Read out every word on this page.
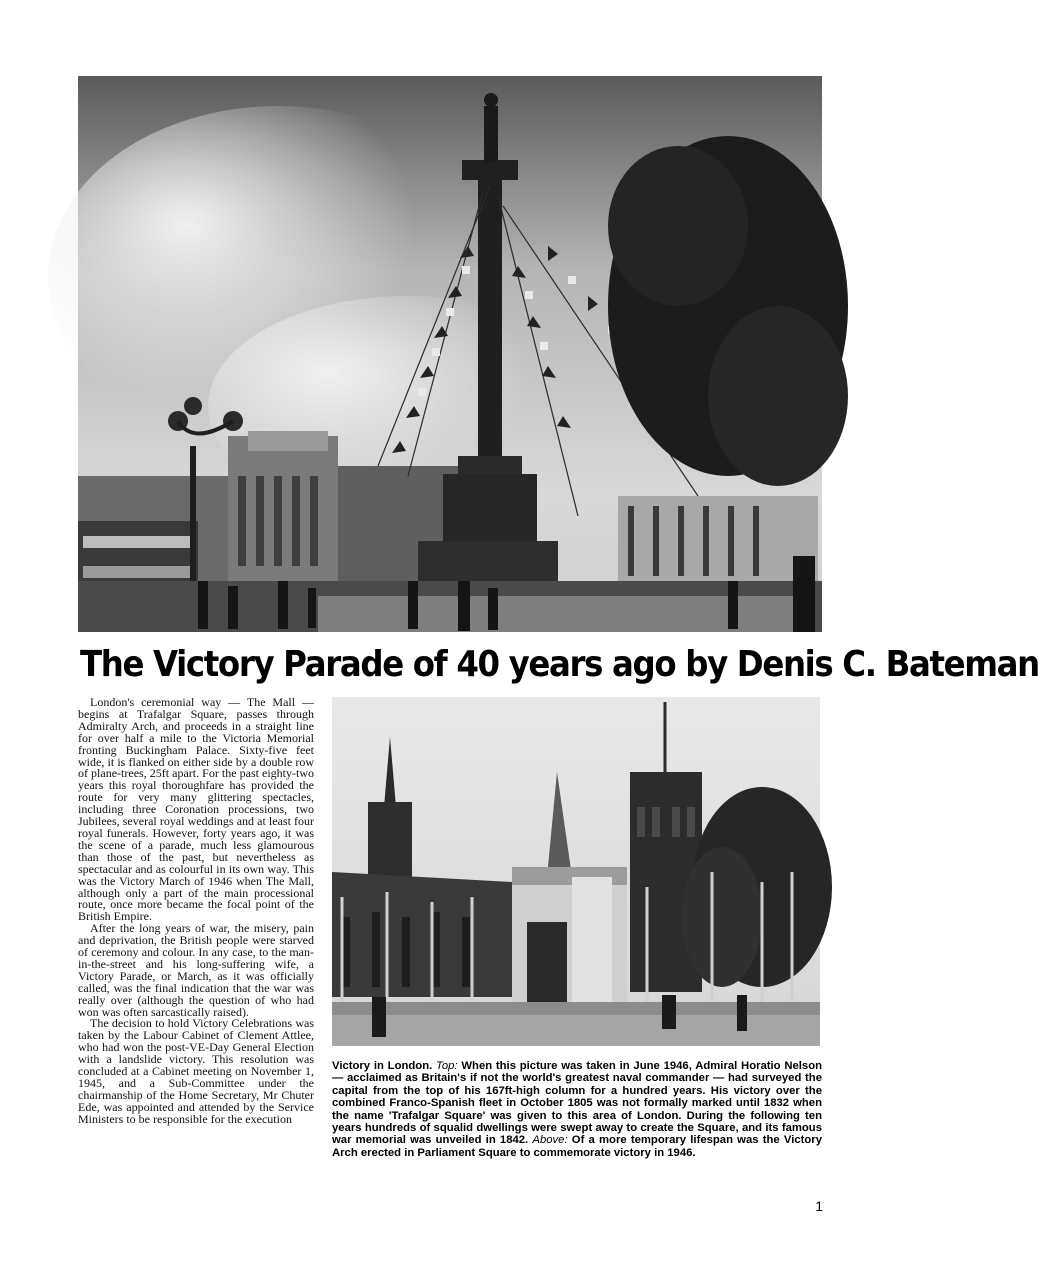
The Victory Parade of 40 years ago by Denis C. Bateman

London's ceremonial way — The Mall — begins at Trafalgar Square, passes through Admiralty Arch, and proceeds in a straight line for over half a mile to the Victoria Memorial fronting Buckingham Palace. Sixty-five feet wide, it is flanked on either side by a double row of plane-trees, 25ft apart. For the past eighty-two years this royal thoroughfare has provided the route for very many glittering spectacles, including three Coronation processions, two Jubilees, several royal weddings and at least four royal funerals. However, forty years ago, it was the scene of a parade, much less glamourous than those of the past, but nevertheless as spectacular and as colourful in its own way. This was the Victory March of 1946 when The Mall, although only a part of the main processional route, once more became the focal point of the British Empire.

After the long years of war, the misery, pain and deprivation, the British people were starved of ceremony and colour. In any case, to the man-in-the-street and his long-suffering wife, a Victory Parade, or March, as it was officially called, was the final indication that the war was really over (although the question of who had won was often sarcastically raised).

The decision to hold Victory Celebrations was taken by the Labour Cabinet of Clement Attlee, who had won the post-VE-Day General Election with a landslide victory. This resolution was concluded at a Cabinet meeting on November 1, 1945, and a Sub-Committee under the chairmanship of the Home Secretary, Mr Chuter Ede, was appointed and attended by the Service Ministers to be responsible for the execution

Victory in London. Top: When this picture was taken in June 1946, Admiral Horatio Nelson — acclaimed as Britain's if not the world's greatest naval commander — had surveyed the capital from the top of his 167ft-high column for a hundred years. His victory over the combined Franco-Spanish fleet in October 1805 was not formally marked until 1832 when the name 'Trafalgar Square' was given to this area of London. During the following ten years hundreds of squalid dwellings were swept away to create the Square, and its famous war memorial was unveiled in 1842. Above: Of a more temporary lifespan was the Victory Arch erected in Parliament Square to commemorate victory in 1946.
1
